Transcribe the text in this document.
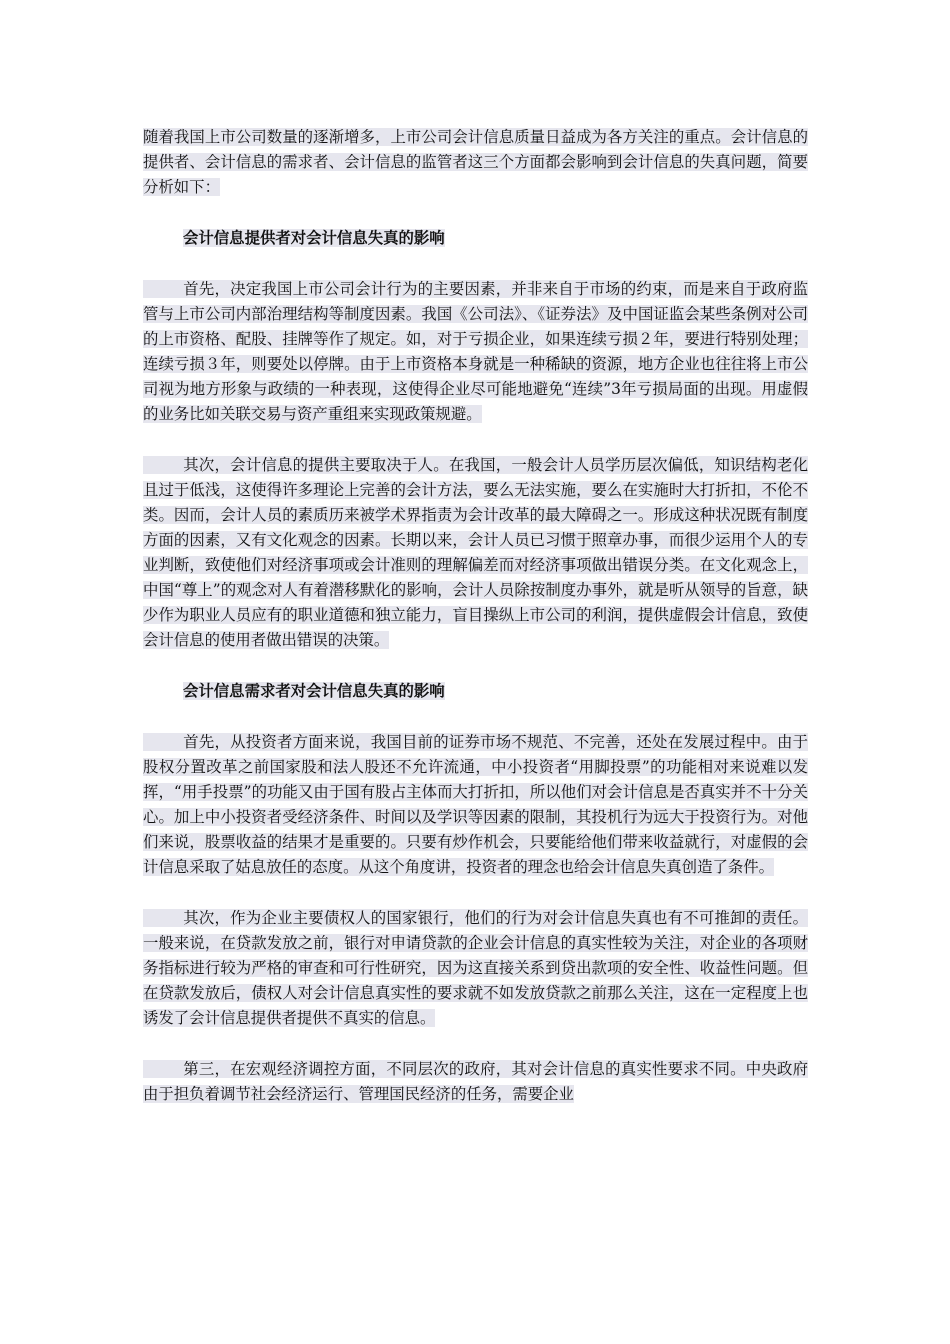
随着我国上市公司数量的逐渐增多，上市公司会计信息质量日益成为各方关注的重点。会计信息的提供者、会计信息的需求者、会计信息的监管者这三个方面都会影响到会计信息的失真问题，简要分析如下：

会计信息提供者对会计信息失真的影响

首先，决定我国上市公司会计行为的主要因素，并非来自于市场的约束，而是来自于政府监管与上市公司内部治理结构等制度因素。我国《公司法》、《证券法》及中国证监会某些条例对公司的上市资格、配股、挂牌等作了规定。如，对于亏损企业，如果连续亏损２年，要进行特别处理；连续亏损３年，则要处以停牌。由于上市资格本身就是一种稀缺的资源，地方企业也往往将上市公司视为地方形象与政绩的一种表现，这使得企业尽可能地避免“连续”3年亏损局面的出现。用虚假的业务比如关联交易与资产重组来实现政策规避。

其次，会计信息的提供主要取决于人。在我国，一般会计人员学历层次偏低，知识结构老化且过于低浅，这使得许多理论上完善的会计方法，要么无法实施，要么在实施时大打折扣，不伦不类。因而，会计人员的素质历来被学术界指责为会计改革的最大障碍之一。形成这种状况既有制度方面的因素，又有文化观念的因素。长期以来，会计人员已习惯于照章办事，而很少运用个人的专业判断，致使他们对经济事项或会计准则的理解偏差而对经济事项做出错误分类。在文化观念上，中国“尊上”的观念对人有着潜移默化的影响，会计人员除按制度办事外，就是听从领导的旨意，缺少作为职业人员应有的职业道德和独立能力，盲目操纵上市公司的利润，提供虚假会计信息，致使会计信息的使用者做出错误的决策。

会计信息需求者对会计信息失真的影响

首先，从投资者方面来说，我国目前的证券市场不规范、不完善，还处在发展过程中。由于股权分置改革之前国家股和法人股还不允许流通，中小投资者“用脚投票”的功能相对来说难以发挥，“用手投票”的功能又由于国有股占主体而大打折扣，所以他们对会计信息是否真实并不十分关心。加上中小投资者受经济条件、时间以及学识等因素的限制，其投机行为远大于投资行为。对他们来说，股票收益的结果才是重要的。只要有炒作机会，只要能给他们带来收益就行，对虚假的会计信息采取了姑息放任的态度。从这个角度讲，投资者的理念也给会计信息失真创造了条件。

其次，作为企业主要债权人的国家银行，他们的行为对会计信息失真也有不可推卸的责任。一般来说，在贷款发放之前，银行对申请贷款的企业会计信息的真实性较为关注，对企业的各项财务指标进行较为严格的审查和可行性研究，因为这直接关系到贷出款项的安全性、收益性问题。但在贷款发放后，债权人对会计信息真实性的要求就不如发放贷款之前那么关注，这在一定程度上也诱发了会计信息提供者提供不真实的信息。

第三，在宏观经济调控方面，不同层次的政府，其对会计信息的真实性要求不同。中央政府由于担负着调节社会经济运行、管理国民经济的任务，需要企业
